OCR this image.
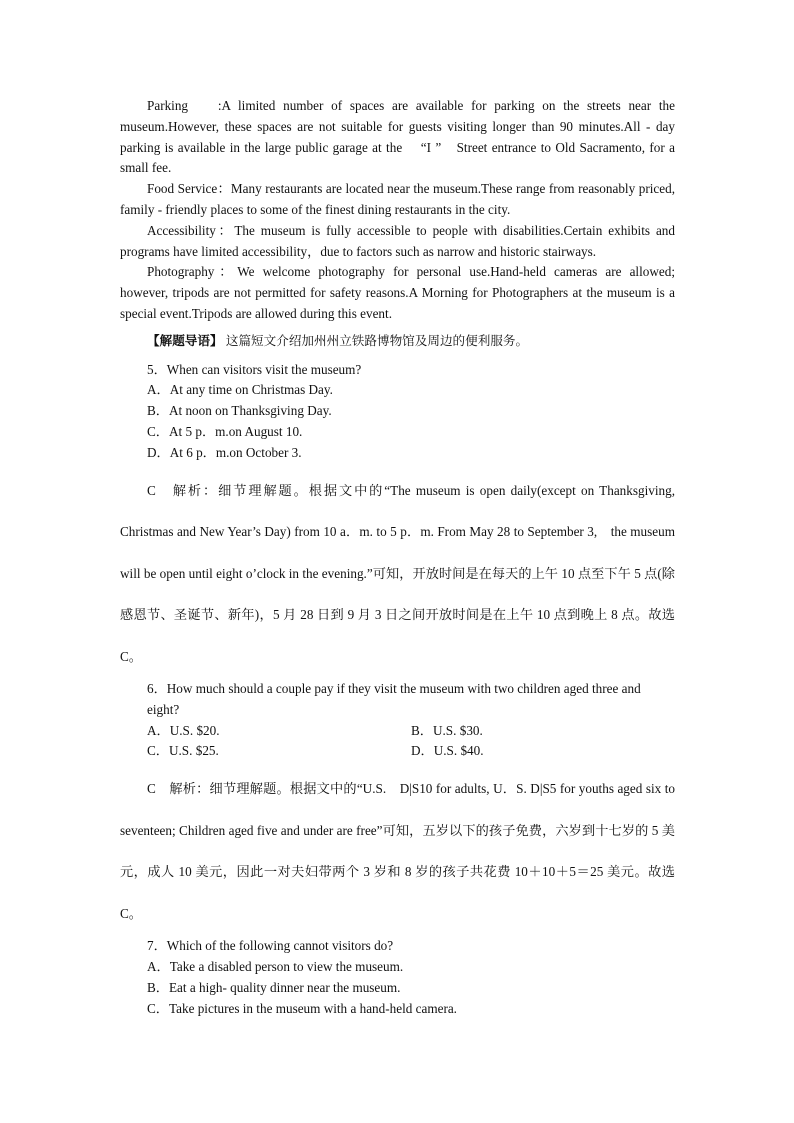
Parking　 :A limited number of spaces are available for parking on the streets near the museum.However, these spaces are not suitable for guests visiting longer than 90 minutes.All - day parking is available in the large public garage at the 　“I ”　Street entrance to Old Sacramento, for a small fee.

Food Service：Many restaurants are located near the museum.These range from reasonably priced, family - friendly places to some of the finest dining restaurants in the city.

Accessibility：The museum is fully accessible to people with disabilities.Certain exhibits and programs have limited accessibility，due to factors such as narrow and historic stairways.

Photography：We welcome photography for personal use.Hand-held cameras are allowed; however, tripods are not permitted for safety reasons.A Morning for Photographers at the museum is a special event.Tripods are allowed during this event.

【解题导语】 这篇短文介绍加州州立铁路博物馆及周边的便利服务。

5．When can visitors visit the museum?

A．At any time on Christmas Day.

B．At noon on Thanksgiving Day.

C．At 5 p．m.on August 10.

D．At 6 p．m.on October 3.

C　解析：细节理解题。根据文中的“The museum is open daily(except on Thanksgiving, Christmas and New Year’s Day) from 10 a．m. to 5 p．m. From May 28 to September 3,　the museum will be open until eight o’clock in the evening.”可知，开放时间是在每天的上午 10 点至下午 5 点(除感恩节、圣诞节、新年)，5 月 28 日到 9 月 3 日之间开放时间是在上午 10 点到晚上 8 点。故选 C。

6．How much should a couple pay if they visit the museum with two children aged three and eight?

A．U.S. $20.	B．U.S. $30.
C．U.S. $25.	D．U.S. $40.

C　解析：细节理解题。根据文中的“U.S.　D|S10 for adults, U．S. D|S5 for youths aged six to seventeen; Children aged five and under are free”可知，五岁以下的孩子免费，六岁到十七岁的 5 美元，成人 10 美元，因此一对夫妇带两个 3 岁和 8 岁的孩子共花费 10＋10＋5＝25 美元。故选 C。

7．Which of the following cannot visitors do?

A．Take a disabled person to view the museum.

B．Eat a high- quality dinner near the museum.

C．Take pictures in the museum with a hand-held camera.
